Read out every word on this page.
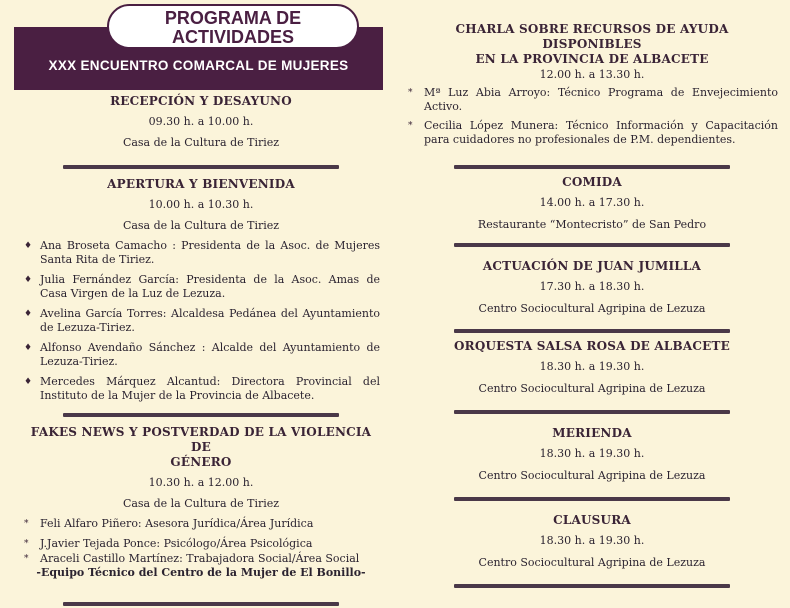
PROGRAMA DE
ACTIVIDADES
XXX ENCUENTRO COMARCAL DE MUJERES
RECEPCIÓN Y DESAYUNO

09.30 h. a 10.00 h.

Casa de la Cultura de Tiriez

APERTURA Y BIENVENIDA

10.00 h. a 10.30 h.

Casa de la Cultura de Tiriez

♦ Ana Broseta Camacho : Presidenta de la Asoc. de Mujeres Santa Rita de Tiriez.
♦ Julia Fernández García: Presidenta de la Asoc. Amas de Casa Virgen de la Luz de Lezuza.
♦ Avelina García Torres: Alcaldesa Pedánea del Ayuntamiento de Lezuza-Tiriez.
♦ Alfonso Avendaño Sánchez : Alcalde del Ayuntamiento de Lezuza-Tiriez.
♦ Mercedes Márquez Alcantud: Directora Provincial del Instituto de la Mujer de la Provincia de Albacete.
FAKES NEWS Y POSTVERDAD DE LA VIOLENCIA DE
GÉNERO

10.30 h. a 12.00 h.

Casa de la Cultura de Tiriez

* Feli Alfaro Piñero: Asesora Jurídica/Área Jurídica
* J.Javier Tejada Ponce: Psicólogo/Área Psicológica
* Araceli Castillo Martínez: Trabajadora Social/Área Social
-Equipo Técnico del Centro de la Mujer de El Bonillo-
CHARLA SOBRE RECURSOS DE AYUDA
DISPONIBLES
EN LA PROVINCIA DE ALBACETE

12.00 h. a 13.30 h.

* Mª Luz Abia Arroyo: Técnico Programa de Envejecimiento Activo.
* Cecilia López Munera: Técnico Información y Capacitación para cuidadores no profesionales de P.M. dependientes.
COMIDA

14.00 h. a 17.30 h.

Restaurante “Montecristo” de San Pedro

ACTUACIÓN DE JUAN JUMILLA

17.30 h. a 18.30 h.

Centro Sociocultural Agripina de Lezuza

ORQUESTA SALSA ROSA DE ALBACETE

18.30 h. a 19.30 h.

Centro Sociocultural Agripina de Lezuza

MERIENDA

18.30 h. a 19.30 h.

Centro Sociocultural Agripina de Lezuza

CLAUSURA

18.30 h. a 19.30 h.

Centro Sociocultural Agripina de Lezuza
